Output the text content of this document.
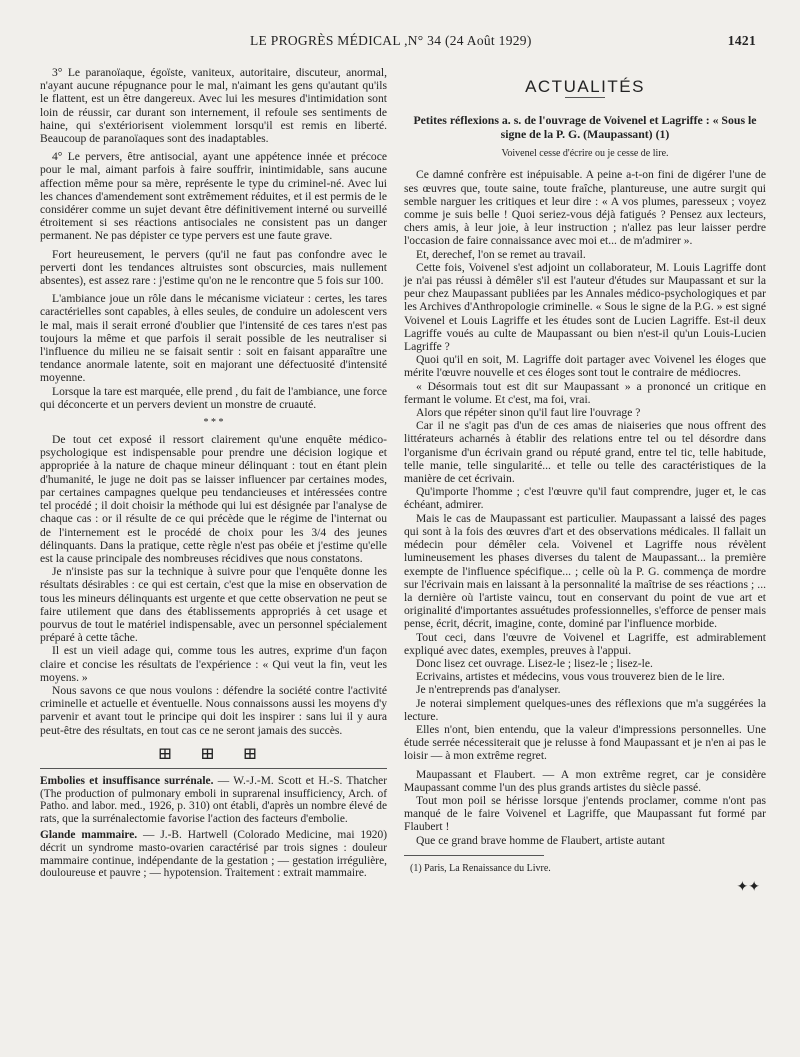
LE PROGRÈS MÉDICAL ,N° 34 (24 Août 1929)	1421

3° Le paranoïaque, égoïste, vaniteux, autoritaire, discuteur, anormal, n'ayant aucune répugnance pour le mal, n'aimant les gens qu'autant qu'ils le flattent, est un être dangereux. Avec lui les mesures d'intimidation sont loin de réussir, car durant son internement, il refoule ses sentiments de haine, qui s'extériorisent violemment lorsqu'il est remis en liberté. Beaucoup de paranoïaques sont des inadaptables.

4° Le pervers, être antisocial, ayant une appétence innée et précoce pour le mal, aimant parfois à faire souffrir, inintimidable, sans aucune affection même pour sa mère, représente le type du criminel-né. Avec lui les chances d'amendement sont extrêmement réduites, et il est permis de le considérer comme un sujet devant être définitivement interné ou surveillé étroitement si ses réactions antisociales ne consistent pas un danger permanent. Ne pas dépister ce type pervers est une faute grave.

Fort heureusement, le pervers (qu'il ne faut pas confondre avec le perverti dont les tendances altruistes sont obscurcies, mais nullement absentes), est assez rare : j'estime qu'on ne le rencontre que 5 fois sur 100.

L'ambiance joue un rôle dans le mécanisme viciateur : certes, les tares caractérielles sont capables, à elles seules, de conduire un adolescent vers le mal, mais il serait erroné d'oublier que l'intensité de ces tares n'est pas toujours la même et que parfois il serait possible de les neutraliser si l'influence du milieu ne se faisait sentir : soit en faisant apparaître une tendance anormale latente, soit en majorant une défectuosité d'intensité moyenne.

Lorsque la tare est marquée, elle prend , du fait de l'ambiance, une force qui déconcerte et un pervers devient un monstre de cruauté.

* * *

De tout cet exposé il ressort clairement qu'une enquête médico-psychologique est indispensable pour prendre une décision logique et appropriée à la nature de chaque mineur délinquant : tout en étant plein d'humanité, le juge ne doit pas se laisser influencer par certaines modes, par certaines campagnes quelque peu tendancieuses et intéressées contre tel procédé ; il doit choisir la méthode qui lui est désignée par l'analyse de chaque cas : or il résulte de ce qui précède que le régime de l'internat ou de l'internement est le procédé de choix pour les 3/4 des jeunes délinquants. Dans la pratique, cette règle n'est pas obéie et j'estime qu'elle est la cause principale des nombreuses récidives que nous constatons.

Je n'insiste pas sur la technique à suivre pour que l'enquête donne les résultats désirables : ce qui est certain, c'est que la mise en observation de tous les mineurs délinquants est urgente et que cette observation ne peut se faire utilement que dans des établissements appropriés à cet usage et pourvus de tout le matériel indispensable, avec un personnel spécialement préparé à cette tâche.

Il est un vieil adage qui, comme tous les autres, exprime d'un façon claire et concise les résultats de l'expérience : « Qui veut la fin, veut les moyens. »

Nous savons ce que nous voulons : défendre la société contre l'activité criminelle et actuelle et éventuelle. Nous connaissons aussi les moyens d'y parvenir et avant tout le principe qui doit les inspirer : sans lui il y aura peut-être des résultats, en tout cas ce ne seront jamais des succès.

⊞ ⊞ ⊞

Embolies et insuffisance surrénale. — W.-J.-M. Scott et H.-S. Thatcher (The production of pulmonary emboli in suprarenal insufficiency, Arch. of Patho. and labor. med., 1926, p. 310) ont établi, d'après un nombre élevé de rats, que la surrénalectomie favorise l'action des facteurs d'embolie.

Glande mammaire. — J.-B. Hartwell (Colorado Medicine, mai 1920) décrit un syndrome masto-ovarien caractérisé par trois signes : douleur mammaire continue, indépendante de la gestation ; — gestation irrégulière, douloureuse et pauvre ; — hypotension. Traitement : extrait mammaire.

ACTUALITÉS
Petites réflexions a. s. de l'ouvrage de Voivenel et Lagriffe : « Sous le signe de la P. G. (Maupassant) (1)
Voivenel cesse d'écrire ou je cesse de lire.

Ce damné confrère est inépuisable. A peine a-t-on fini de digérer l'une de ses œuvres que, toute saine, toute fraîche, plantureuse, une autre surgit qui semble narguer les critiques et leur dire : « A vos plumes, paresseux ; voyez comme je suis belle ! Quoi seriez-vous déjà fatigués ? Pensez aux lecteurs, chers amis, à leur joie, à leur instruction ; n'allez pas leur laisser perdre l'occasion de faire connaissance avec moi et... de m'admirer ».

Et, derechef, l'on se remet au travail.

Cette fois, Voivenel s'est adjoint un collaborateur, M. Louis Lagriffe dont je n'ai pas réussi à démêler s'il est l'auteur d'études sur Maupassant et sur la peur chez Maupassant publiées par les Annales médico-psychologiques et par les Archives d'Anthropologie criminelle. « Sous le signe de la P.G. » est signé Voivenel et Louis Lagriffe et les études sont de Lucien Lagriffe. Est-il deux Lagriffe voués au culte de Maupassant ou bien n'est-il qu'un Louis-Lucien Lagriffe ?

Quoi qu'il en soit, M. Lagriffe doit partager avec Voivenel les éloges que mérite l'œuvre nouvelle et ces éloges sont tout le contraire de médiocres.

« Désormais tout est dit sur Maupassant » a prononcé un critique en fermant le volume. Et c'est, ma foi, vrai.

Alors que répéter sinon qu'il faut lire l'ouvrage ?

Car il ne s'agit pas d'un de ces amas de niaiseries que nous offrent des littérateurs acharnés à établir des relations entre tel ou tel désordre dans l'organisme d'un écrivain grand ou réputé grand, entre tel tic, telle habitude, telle manie, telle singularité... et telle ou telle des caractéristiques de la manière de cet écrivain.

Qu'importe l'homme ; c'est l'œuvre qu'il faut comprendre, juger et, le cas échéant, admirer.

Mais le cas de Maupassant est particulier. Maupassant a laissé des pages qui sont à la fois des œuvres d'art et des observations médicales. Il fallait un médecin pour démêler cela. Voivenel et Lagriffe nous révèlent lumineusement les phases diverses du talent de Maupassant... la première exempte de l'influence spécifique... ; celle où la P. G. commença de mordre sur l'écrivain mais en laissant à la personnalité la maîtrise de ses réactions ; ... la dernière où l'artiste vaincu, tout en conservant du point de vue art et originalité d'importantes assuétudes professionnelles, s'efforce de penser mais pense, écrit, décrit, imagine, conte, dominé par l'influence morbide.

Tout ceci, dans l'œuvre de Voivenel et Lagriffe, est admirablement expliqué avec dates, exemples, preuves à l'appui.

Donc lisez cet ouvrage. Lisez-le ; lisez-le ; lisez-le.

Ecrivains, artistes et médecins, vous vous trouverez bien de le lire.

Je n'entreprends pas d'analyser.

Je noterai simplement quelques-unes des réflexions que m'a suggérées la lecture.

Elles n'ont, bien entendu, que la valeur d'impressions personnelles. Une étude serrée nécessiterait que je relusse à fond Maupassant et je n'en ai pas le loisir — à mon extrême regret.

Maupassant et Flaubert. — A mon extrême regret, car je considère Maupassant comme l'un des plus grands artistes du siècle passé.

Tout mon poil se hérisse lorsque j'entends proclamer, comme n'ont pas manqué de le faire Voivenel et Lagriffe, que Maupassant fut formé par Flaubert !

Que ce grand brave homme de Flaubert, artiste autant

(1) Paris, La Renaissance du Livre.
✦✦
